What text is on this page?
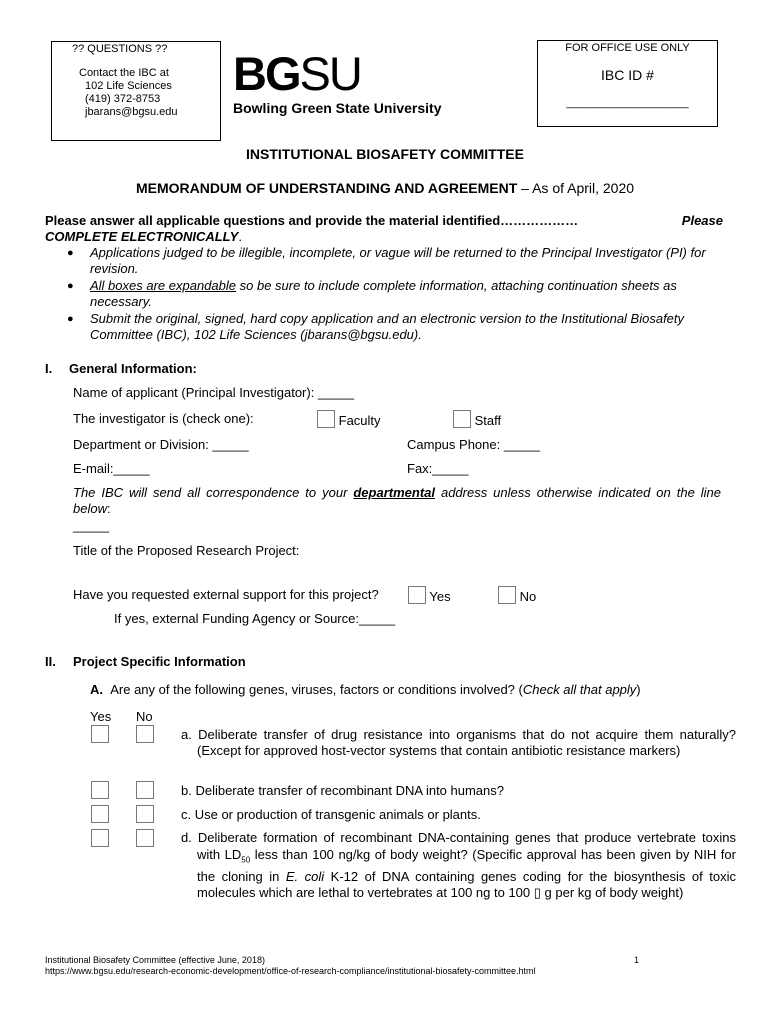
?? QUESTIONS ??
Contact the IBC at
102 Life Sciences
(419) 372-8753
jbarans@bgsu.edu
BGSU
Bowling Green State University
FOR OFFICE USE ONLY
IBC ID #
____________________
INSTITUTIONAL BIOSAFETY COMMITTEE
MEMORANDUM OF UNDERSTANDING AND AGREEMENT – As of April, 2020
Please answer all applicable questions and provide the material identified………………	Please
COMPLETE ELECTRONICALLY.
● Applications judged to be illegible, incomplete, or vague will be returned to the Principal Investigator (PI) for revision.
● All boxes are expandable so be sure to include complete information, attaching continuation sheets as necessary.
● Submit the original, signed, hard copy application and an electronic version to the Institutional Biosafety Committee (IBC), 102 Life Sciences (jbarans@bgsu.edu).
I. General Information:
Name of applicant (Principal Investigator): _____
The investigator is (check one):	Faculty	Staff
Department or Division: _____	Campus Phone: _____
E-mail:_____	Fax:_____
The IBC will send all correspondence to your departmental address unless otherwise indicated on the line below:
_____
Title of the Proposed Research Project:
Have you requested external support for this project?	Yes	No
If yes, external Funding Agency or Source:_____
II. Project Specific Information
A. Are any of the following genes, viruses, factors or conditions involved? (Check all that apply)
Yes No
a. Deliberate transfer of drug resistance into organisms that do not acquire them naturally? (Except for approved host-vector systems that contain antibiotic resistance markers)
b. Deliberate transfer of recombinant DNA into humans?
c. Use or production of transgenic animals or plants.
d. Deliberate formation of recombinant DNA-containing genes that produce vertebrate toxins with $LD_{50}$ less than 100 ng/kg of body weight? (Specific approval has been given by NIH for the cloning in E. coli K-12 of DNA containing genes coding for the biosynthesis of toxic molecules which are lethal to vertebrates at 100 ng to 100 ▯ g per kg of body weight)
Institutional Biosafety Committee (effective June, 2018)
https://www.bgsu.edu/research-economic-development/office-of-research-compliance/institutional-biosafety-committee.html
1
